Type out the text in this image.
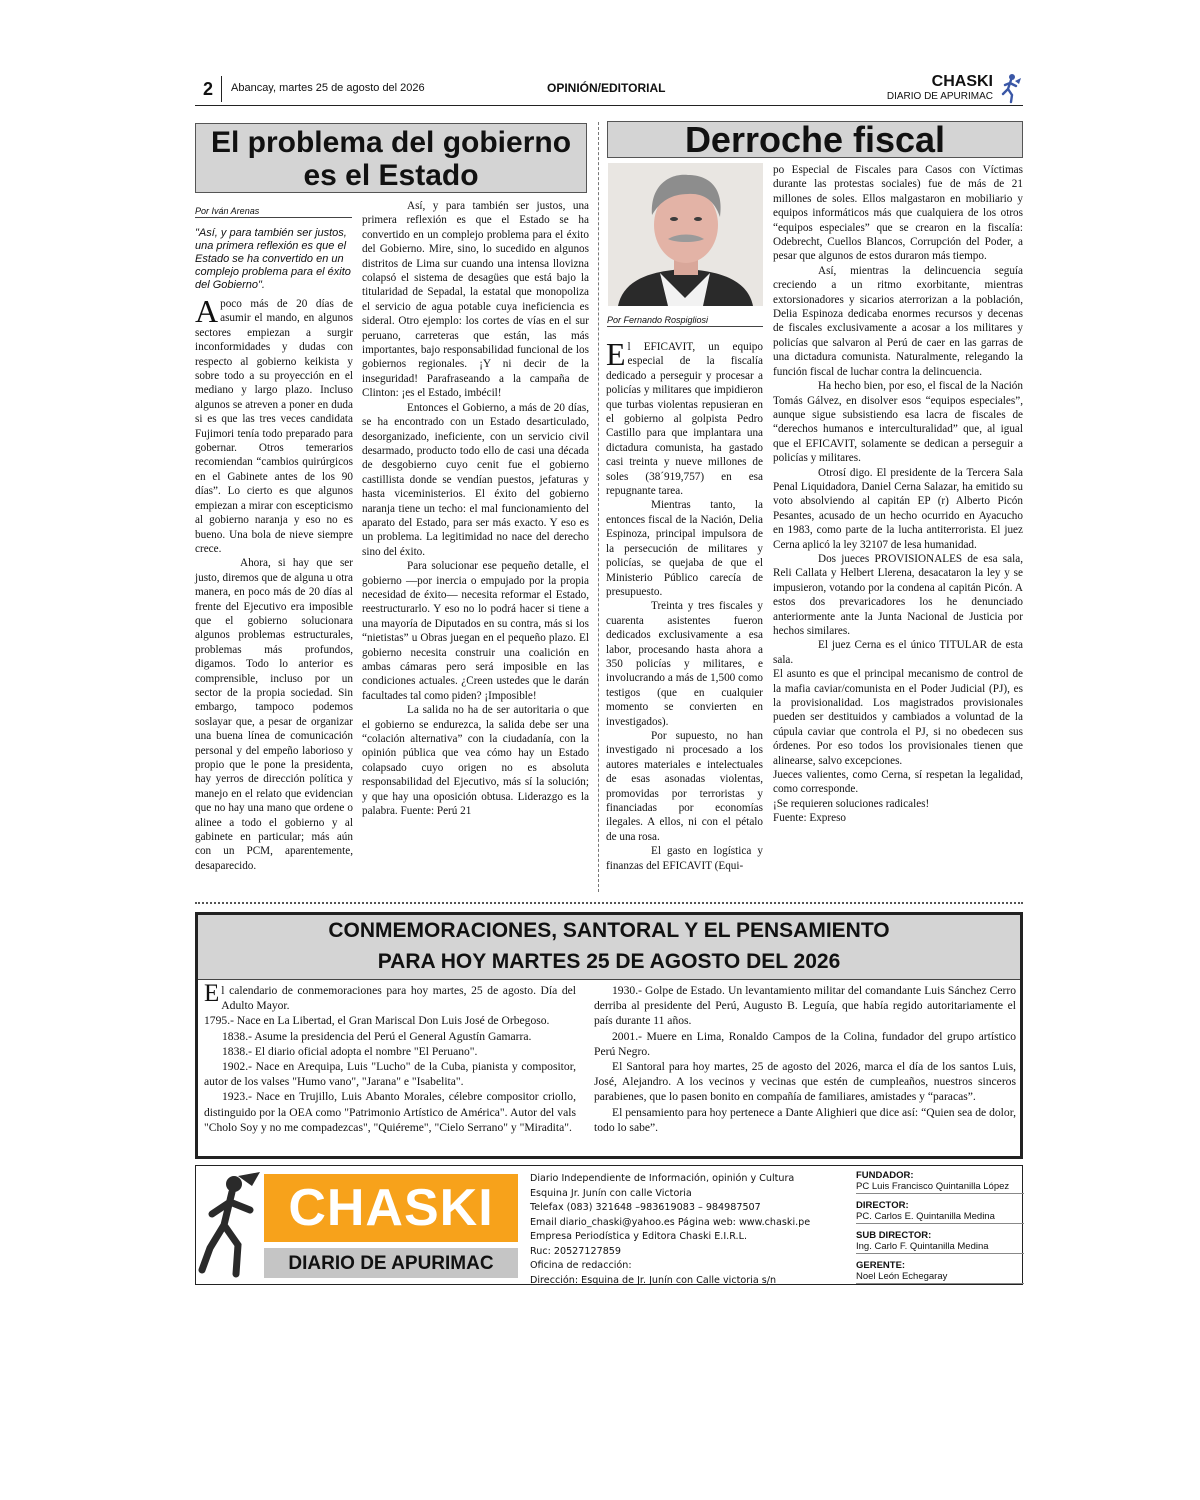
2	Abancay, martes 25 de agosto del 2026	OPINIÓN/EDITORIAL	CHASKI
DIARIO DE APURIMAC
El problema del gobierno es el Estado
Por Iván Arenas
"Así, y para también ser justos, una primera reflexión es que el Estado se ha convertido en un complejo problema para el éxito del Gobierno".

Apoco más de 20 días de asumir el mando, en algunos sectores empiezan a surgir inconformidades y dudas con respecto al gobierno keikista y sobre todo a su proyección en el mediano y largo plazo. Incluso algunos se atreven a poner en duda si es que las tres veces candidata Fujimori tenía todo preparado para gobernar. Otros temerarios recomiendan “cambios quirúrgicos en el Gabinete antes de los 90 días”. Lo cierto es que algunos empiezan a mirar con escepticismo al gobierno naranja y eso no es bueno. Una bola de nieve siempre crece.

Ahora, si hay que ser justo, diremos que de alguna u otra manera, en poco más de 20 días al frente del Ejecutivo era imposible que el gobierno solucionara algunos problemas estructurales, problemas más profundos, digamos. Todo lo anterior es comprensible, incluso por un sector de la propia sociedad. Sin embargo, tampoco podemos soslayar que, a pesar de organizar una buena línea de comunicación personal y del empeño laborioso y propio que le pone la presidenta, hay yerros de dirección política y manejo en el relato que evidencian que no hay una mano que ordene o alinee a todo el gobierno y al gabinete en particular; más aún con un PCM, aparentemente, desaparecido.

Así, y para también ser justos, una primera reflexión es que el Estado se ha convertido en un complejo problema para el éxito del Gobierno. Mire, sino, lo sucedido en algunos distritos de Lima sur cuando una intensa llovizna colapsó el sistema de desagües que está bajo la titularidad de Sepadal, la estatal que monopoliza el servicio de agua potable cuya ineficiencia es sideral. Otro ejemplo: los cortes de vías en el sur peruano, carreteras que están, las más importantes, bajo responsabilidad funcional de los gobiernos regionales. ¡Y ni decir de la inseguridad! Parafraseando a la campaña de Clinton: ¡es el Estado, imbécil!

Entonces el Gobierno, a más de 20 días, se ha encontrado con un Estado desarticulado, desorganizado, ineficiente, con un servicio civil desarmado, producto todo ello de casi una década de desgobierno cuyo cenit fue el gobierno castillista donde se vendían puestos, jefaturas y hasta viceministerios. El éxito del gobierno naranja tiene un techo: el mal funcionamiento del aparato del Estado, para ser más exacto. Y eso es un problema. La legitimidad no nace del derecho sino del éxito.

Para solucionar ese pequeño detalle, el gobierno —por inercia o empujado por la propia necesidad de éxito— necesita reformar el Estado, reestructurarlo. Y eso no lo podrá hacer si tiene a una mayoría de Diputados en su contra, más si los “nietistas” u Obras juegan en el pequeño plazo. El gobierno necesita construir una coalición en ambas cámaras pero será imposible en las condiciones actuales. ¿Creen ustedes que le darán facultades tal como piden? ¡Imposible!

La salida no ha de ser autoritaria o que el gobierno se endurezca, la salida debe ser una “colación alternativa” con la ciudadanía, con la opinión pública que vea cómo hay un Estado colapsado cuyo origen no es absoluta responsabilidad del Ejecutivo, más sí la solución; y que hay una oposición obtusa. Liderazgo es la palabra. Fuente: Perú 21

Derroche fiscal
Por Fernando Rospigliosi

El EFICAVIT, un equipo especial de la fiscalía dedicado a perseguir y procesar a policías y militares que impidieron que turbas violentas repusieran en el gobierno al golpista Pedro Castillo para que implantara una dictadura comunista, ha gastado casi treinta y nueve millones de soles (38´919,757) en esa repugnante tarea.

Mientras tanto, la entonces fiscal de la Nación, Delia Espinoza, principal impulsora de la persecución de militares y policías, se quejaba de que el Ministerio Público carecía de presupuesto.

Treinta y tres fiscales y cuarenta asistentes fueron dedicados exclusivamente a esa labor, procesando hasta ahora a 350 policías y militares, e involucrando a más de 1,500 como testigos (que en cualquier momento se convierten en investigados).

Por supuesto, no han investigado ni procesado a los autores materiales e intelectuales de esas asonadas violentas, promovidas por terroristas y financiadas por economías ilegales. A ellos, ni con el pétalo de una rosa.

El gasto en logística y finanzas del EFICAVIT (Equi-

po Especial de Fiscales para Casos con Víctimas durante las protestas sociales) fue de más de 21 millones de soles. Ellos malgastaron en mobiliario y equipos informáticos más que cualquiera de los otros “equipos especiales” que se crearon en la fiscalía: Odebrecht, Cuellos Blancos, Corrupción del Poder, a pesar que algunos de estos duraron más tiempo.

Así, mientras la delincuencia seguía creciendo a un ritmo exorbitante, mientras extorsionadores y sicarios aterrorizan a la población, Delia Espinoza dedicaba enormes recursos y decenas de fiscales exclusivamente a acosar a los militares y policías que salvaron al Perú de caer en las garras de una dictadura comunista. Naturalmente, relegando la función fiscal de luchar contra la delincuencia.

Ha hecho bien, por eso, el fiscal de la Nación Tomás Gálvez, en disolver esos “equipos especiales”, aunque sigue subsistiendo esa lacra de fiscales de “derechos humanos e interculturalidad” que, al igual que el EFICAVIT, solamente se dedican a perseguir a policías y militares.

Otrosí digo. El presidente de la Tercera Sala Penal Liquidadora, Daniel Cerna Salazar, ha emitido su voto absolviendo al capitán EP (r) Alberto Picón Pesantes, acusado de un hecho ocurrido en Ayacucho en 1983, como parte de la lucha antiterrorista. El juez Cerna aplicó la ley 32107 de lesa humanidad.

Dos jueces PROVISIONALES de esa sala, Reli Callata y Helbert Llerena, desacataron la ley y se impusieron, votando por la condena al capitán Picón. A estos dos prevaricadores los he denunciado anteriormente ante la Junta Nacional de Justicia por hechos similares.

El juez Cerna es el único TITULAR de esta sala.

El asunto es que el principal mecanismo de control de la mafia caviar/comunista en el Poder Judicial (PJ), es la provisionalidad. Los magistrados provisionales pueden ser destituidos y cambiados a voluntad de la cúpula caviar que controla el PJ, si no obedecen sus órdenes. Por eso todos los provisionales tienen que alinearse, salvo excepciones.

Jueces valientes, como Cerna, sí respetan la legalidad, como corresponde.

¡Se requieren soluciones radicales!

Fuente: Expreso

CONMEMORACIONES, SANTORAL Y EL PENSAMIENTO
PARA HOY MARTES 25 DE AGOSTO DEL 2026

El calendario de conmemoraciones para hoy martes, 25 de agosto. Día del Adulto Mayor.

1795.- Nace en La Libertad, el Gran Mariscal Don Luis José de Orbegoso.

1838.- Asume la presidencia del Perú el General Agustín Gamarra.

1838.- El diario oficial adopta el nombre "El Peruano".

1902.- Nace en Arequipa, Luis "Lucho" de la Cuba, pianista y compositor, autor de los valses "Humo vano", "Jarana" e "Isabelita".

1923.- Nace en Trujillo, Luis Abanto Morales, célebre compositor criollo, distinguido por la OEA como "Patrimonio Artístico de América". Autor del vals "Cholo Soy y no me compadezcas", "Quiéreme", "Cielo Serrano" y "Miradita".

1930.- Golpe de Estado. Un levantamiento militar del comandante Luis Sánchez Cerro derriba al presidente del Perú, Augusto B. Leguía, que había regido autoritariamente el país durante 11 años.

2001.- Muere en Lima, Ronaldo Campos de la Colina, fundador del grupo artístico Perú Negro.

El Santoral para hoy martes, 25 de agosto del 2026, marca el día de los santos Luis, José, Alejandro. A los vecinos y vecinas que estén de cumpleaños, nuestros sinceros parabienes, que lo pasen bonito en compañía de familiares, amistades y “paracas”.

El pensamiento para hoy pertenece a Dante Alighieri que dice así: “Quien sea de dolor, todo lo sabe”.

CHASKI
DIARIO DE APURIMAC
Diario Independiente de Información, opinión y Cultura
Esquina Jr. Junín con calle Victoria
Telefax (083) 321648 –983619083 – 984987507
Email diario_chaski@yahoo.es Página web: www.chaski.pe
Empresa Periodística y Editora Chaski E.I.R.L.
Ruc: 20527127859
Oficina de redacción:
Dirección: Esquina de Jr. Junín con Calle victoria s/n
FUNDADOR:
PC Luis Francisco Quintanilla López
DIRECTOR:
PC. Carlos E. Quintanilla Medina
SUB DIRECTOR:
Ing. Carlo F. Quintanilla Medina
GERENTE:
Noel León Echegaray
